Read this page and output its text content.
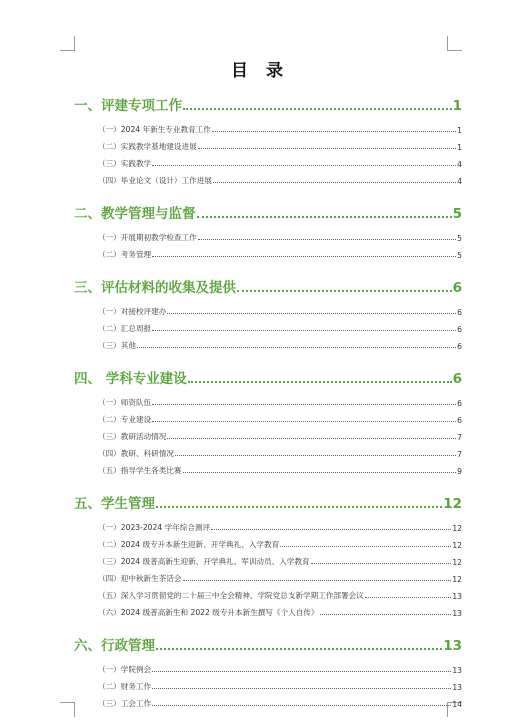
目 录
一、评建专项工作	1
（一）2024 年新生专业教育工作	1
（二）实践教学基地建设进展	1
（三）实践教学	4
（四）毕业论文（设计）工作进展	4
二、教学管理与监督	5
（一）开展期初教学检查工作	5
（二）考务管理	5
三、评估材料的收集及提供	6
（一）对接校评建办	6
（二）汇总周报	6
（三）其他	6
四、 学科专业建设	6
（一）师资队伍	6
（二）专业建设	6
（三）教研活动情况	7
（四）教研、科研情况	7
（五）指导学生各类比赛	9
五、学生管理	12
（一）2023-2024 学年综合测评	12
（二）2024 级专升本新生迎新、开学典礼、入学教育	12
（三）2024 级普高新生迎新、开学典礼、军训动员、入学教育	12
（四）迎中秋新生茶话会	12
（五）深入学习贯彻党的二十届三中全会精神、学院党总支新学期工作部署会议	13
（六）2024 级普高新生和 2022 级专升本新生撰写《个人自传》	13
六、行政管理	13
（一）学院例会	13
（二）财务工作	13
（三）工会工作	14
